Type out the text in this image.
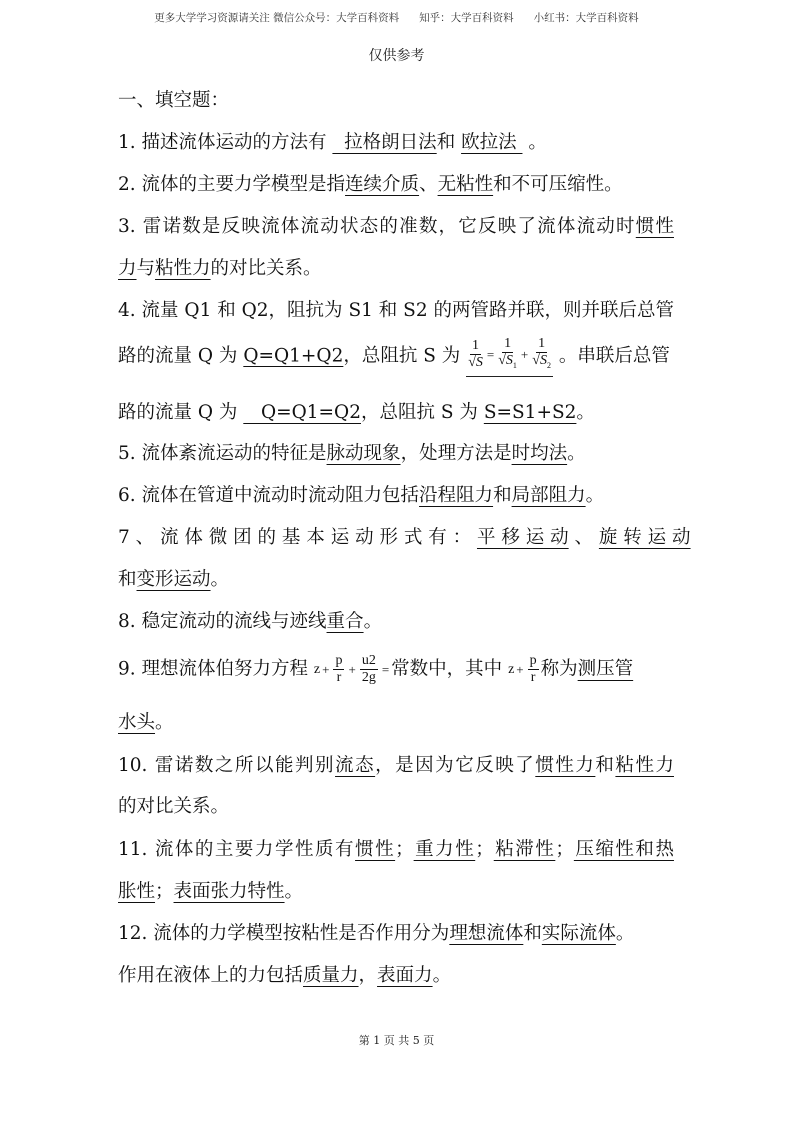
更多大学学习资源请关注 微信公众号：大学百科资料      知乎：大学百科资料      小红书：大学百科资料
仅供参考
一、填空题：
1. 描述流体运动的方法有   拉格朗日法和 欧拉法  。
2. 流体的主要力学模型是指连续介质、无粘性和不可压缩性。
3. 雷诺数是反映流体流动状态的准数，它反映了流体流动时惯性
力与粘性力的对比关系。
4. 流量 Q1 和 Q2，阻抗为 S1 和 S2 的两管路并联，则并联后总管
路的流量 Q 为 Q=Q1+Q2，总阻抗 S 为 $\frac{1}{√S} = \frac{1}{√S_1} + \frac{1}{√S_2}$ 。串联后总管
路的流量 Q 为    Q=Q1=Q2，总阻抗 S 为 S=S1+S2。
5. 流体紊流运动的特征是脉动现象，处理方法是时均法。
6. 流体在管道中流动时流动阻力包括沿程阻力和局部阻力。
7 、 流 体 微 团 的 基 本 运 动 形 式 有 ： 平 移 运 动 、 旋 转 运 动
和变形运动。
8. 稳定流动的流线与迹线重合。
9. 理想流体伯努力方程 $z + \frac{p}{r} + \frac{u2}{2g}$ = 常数中，其中 $z + \frac{p}{r}$ 称为测压管
水头。
10. 雷诺数之所以能判别流态，是因为它反映了惯性力和粘性力
的对比关系。
11. 流体的主要力学性质有惯性；重力性；粘滞性；压缩性和热
胀性；表面张力特性。
12. 流体的力学模型按粘性是否作用分为理想流体和实际流体。
作用在液体上的力包括质量力，表面力。
第 1 页 共 5 页
